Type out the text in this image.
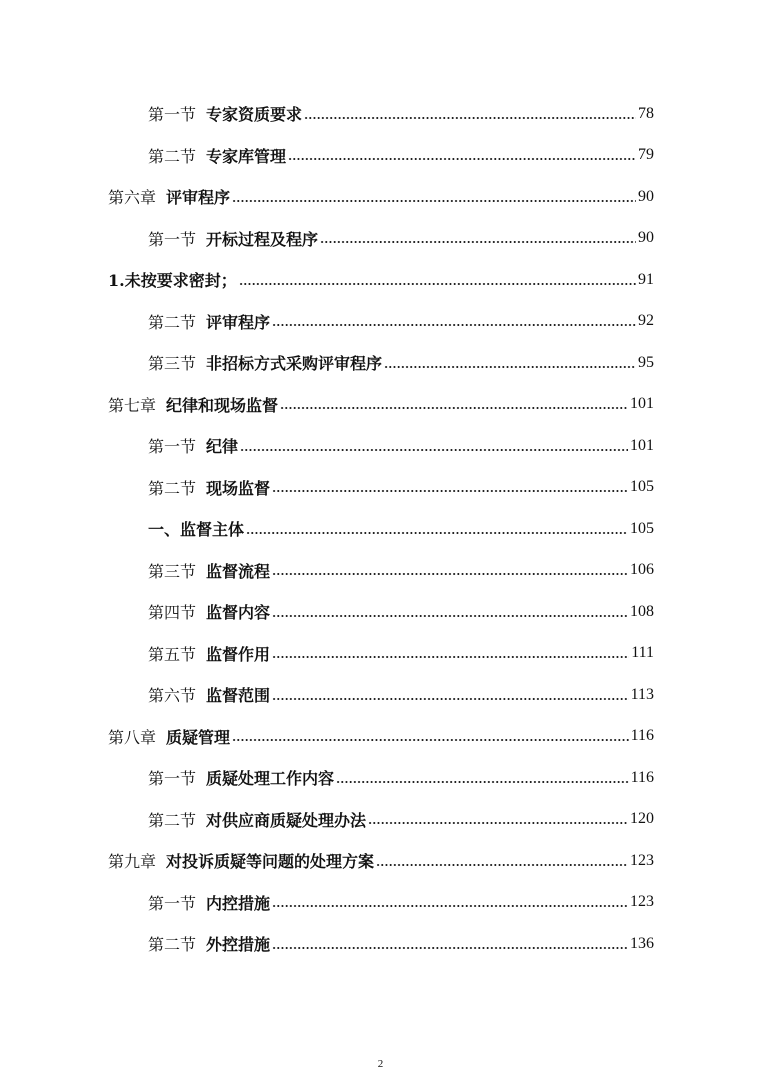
第一节 专家资质要求	78
第二节 专家库管理	79
第六章 评审程序	90
第一节 开标过程及程序	90
1.未按要求密封；	91
第二节 评审程序	92
第三节 非招标方式采购评审程序	95
第七章 纪律和现场监督	101
第一节 纪律	101
第二节 现场监督	105
一、监督主体	105
第三节 监督流程	106
第四节 监督内容	108
第五节 监督作用	111
第六节 监督范围	113
第八章 质疑管理	116
第一节 质疑处理工作内容	116
第二节 对供应商质疑处理办法	120
第九章 对投诉质疑等问题的处理方案	123
第一节 内控措施	123
第二节 外控措施	136
2
